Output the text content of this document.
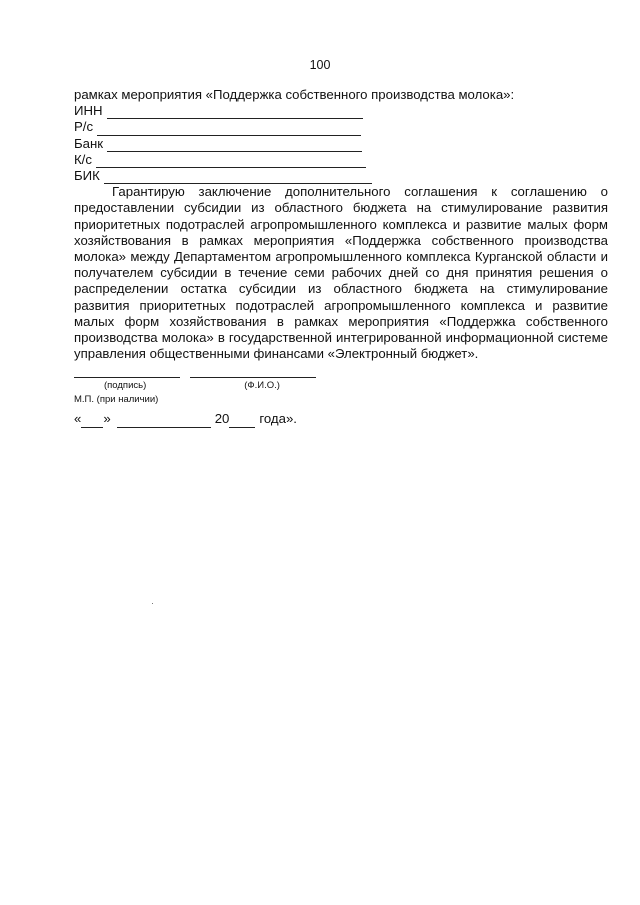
100
рамках мероприятия «Поддержка собственного производства молока»:
ИНН
Р/с
Банк
К/с
БИК

Гарантирую заключение дополнительного соглашения к соглашению о предоставлении субсидии из областного бюджета на стимулирование развития приоритетных подотраслей агропромышленного комплекса и развитие малых форм хозяйствования в рамках мероприятия «Поддержка собственного производства молока» между Департаментом агропромышленного комплекса Курганской области и получателем субсидии в течение семи рабочих дней со дня принятия решения о распределении остатка субсидии из областного бюджета на стимулирование развития приоритетных подотраслей агропромышленного комплекса и развитие малых форм хозяйствования в рамках мероприятия «Поддержка собственного производства молока» в государственной интегрированной информационной системе управления общественными финансами «Электронный бюджет».

(подпись)	(Ф.И.О.)
М.П. (при наличии)
« »	20 года».
